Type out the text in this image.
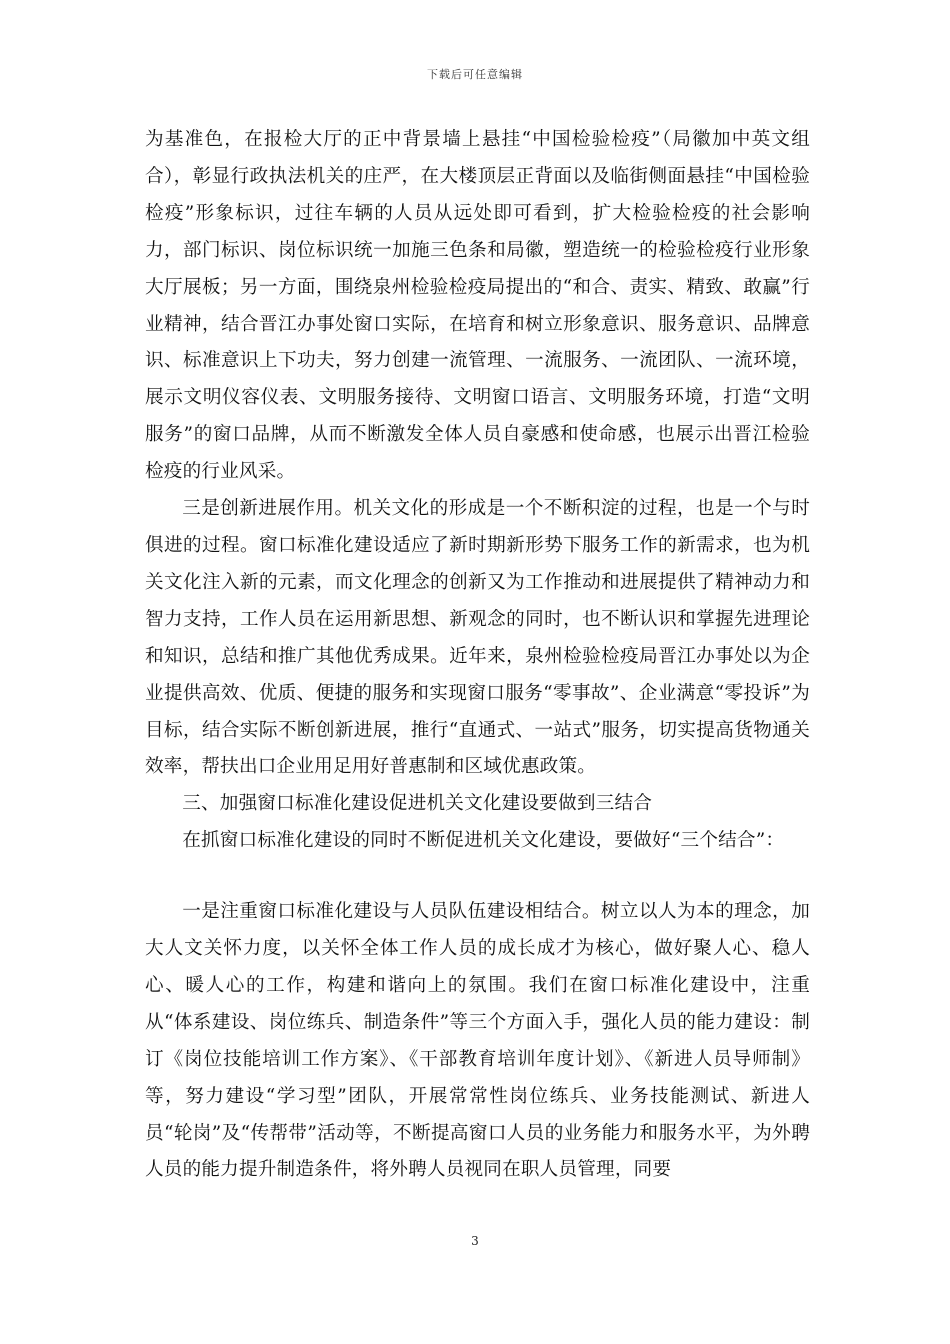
下载后可任意编辑

为基准色，在报检大厅的正中背景墙上悬挂“中国检验检疫”（局徽加中英文组合），彰显行政执法机关的庄严，在大楼顶层正背面以及临街侧面悬挂“中国检验检疫”形象标识，过往车辆的人员从远处即可看到，扩大检验检疫的社会影响力，部门标识、岗位标识统一加施三色条和局徽，塑造统一的检验检疫行业形象大厅展板；另一方面，围绕泉州检验检疫局提出的“和合、责实、精致、敢赢”行业精神，结合晋江办事处窗口实际，在培育和树立形象意识、服务意识、品牌意识、标准意识上下功夫，努力创建一流管理、一流服务、一流团队、一流环境，展示文明仪容仪表、文明服务接待、文明窗口语言、文明服务环境，打造“文明服务”的窗口品牌，从而不断激发全体人员自豪感和使命感，也展示出晋江检验检疫的行业风采。

三是创新进展作用。机关文化的形成是一个不断积淀的过程，也是一个与时俱进的过程。窗口标准化建设适应了新时期新形势下服务工作的新需求，也为机关文化注入新的元素，而文化理念的创新又为工作推动和进展提供了精神动力和智力支持，工作人员在运用新思想、新观念的同时，也不断认识和掌握先进理论和知识，总结和推广其他优秀成果。近年来，泉州检验检疫局晋江办事处以为企业提供高效、优质、便捷的服务和实现窗口服务“零事故”、企业满意“零投诉”为目标，结合实际不断创新进展，推行“直通式、一站式”服务，切实提高货物通关效率，帮扶出口企业用足用好普惠制和区域优惠政策。

三、加强窗口标准化建设促进机关文化建设要做到三结合

在抓窗口标准化建设的同时不断促进机关文化建设，要做好“三个结合”：

一是注重窗口标准化建设与人员队伍建设相结合。树立以人为本的理念，加大人文关怀力度，以关怀全体工作人员的成长成才为核心，做好聚人心、稳人心、暖人心的工作，构建和谐向上的氛围。我们在窗口标准化建设中，注重从“体系建设、岗位练兵、制造条件”等三个方面入手，强化人员的能力建设：制订《岗位技能培训工作方案》、《干部教育培训年度计划》、《新进人员导师制》等，努力建设“学习型”团队，开展常常性岗位练兵、业务技能测试、新进人员“轮岗”及“传帮带”活动等，不断提高窗口人员的业务能力和服务水平，为外聘人员的能力提升制造条件，将外聘人员视同在职人员管理，同要

3
